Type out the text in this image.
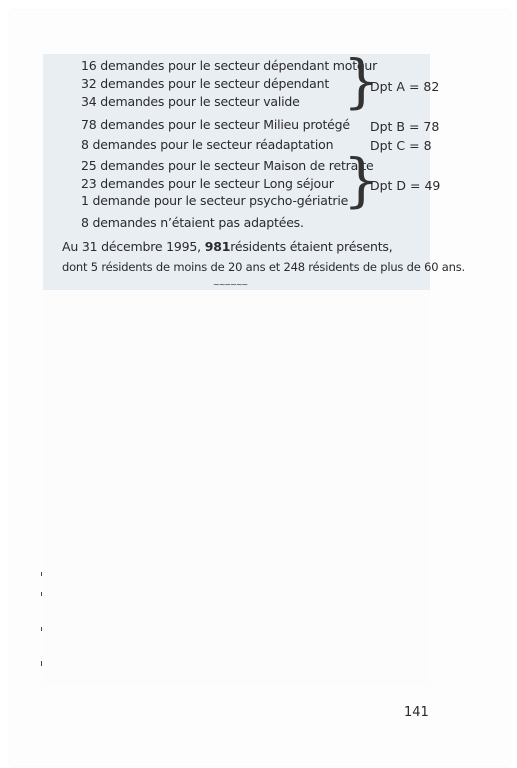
16 demandes pour le secteur dépendant moteur
32 demandes pour le secteur dépendant
34 demandes pour le secteur valide }
Dpt A = 82
78 demandes pour le secteur Milieu protégé Dpt B = 78
8 demandes pour le secteur réadaptation	Dpt C = 8
25 demandes pour le secteur Maison de retraite
23 demandes pour le secteur Long séjour
1 demande pour le secteur psycho-gériatrie
}
Dpt D = 49
8 demandes n’étaient pas adaptées.
Au 31 décembre 1995, 981résidents étaient présents,
dont 5 résidents de moins de 20 ans et 248 résidents de plus de 60 ans.
~~~~~~
141
